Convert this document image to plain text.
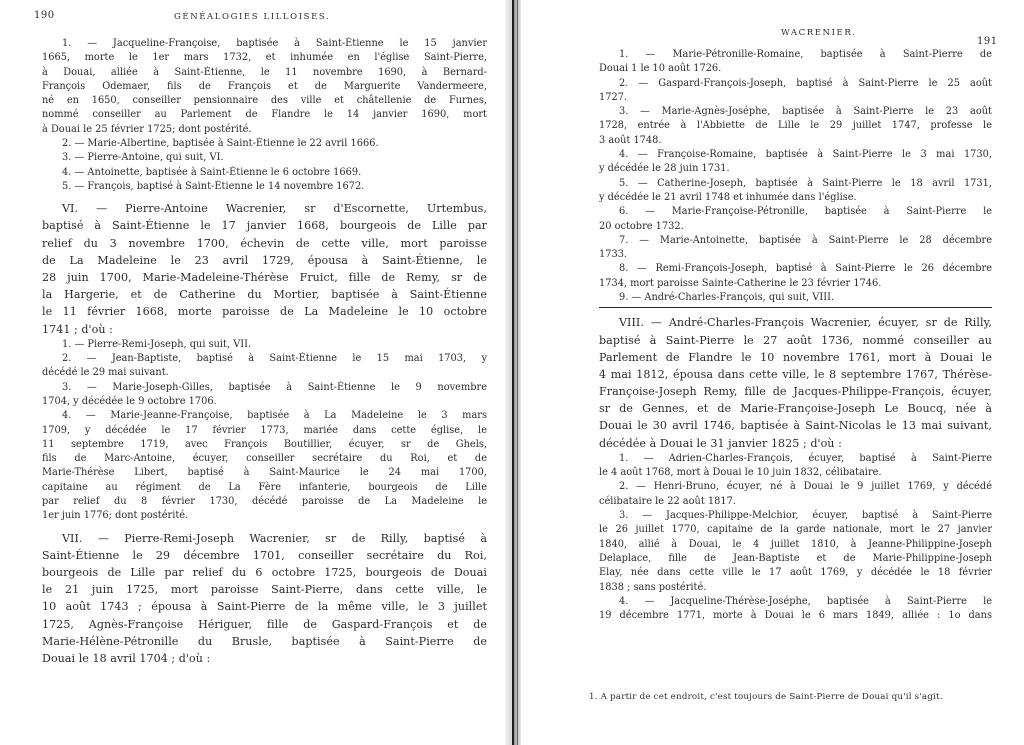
190	GÉNÉALOGIES LILLOISES.
1. — Jacqueline-Françoise, baptisée à Saint-Étienne le 15 janvier
1665, morte le 1er mars 1732, et inhumée en l'église Saint-Pierre,
à Douai, alliée à Saint-Étienne, le 11 novembre 1690, à Bernard-
François Odemaer, fils de François et de Marguerite Vandermeere,
né en 1650, conseiller pensionnaire des ville et châtellenie de Furnes,
nommé conseiller au Parlement de Flandre le 14 janvier 1690, mort
à Douai le 25 février 1725; dont postérité.
2. — Marie-Albertine, baptisée à Saint-Étienne le 22 avril 1666.
3. — Pierre-Antoine, qui suit, VI.
4. — Antoinette, baptisée à Saint-Étienne le 6 octobre 1669.
5. — François, baptisé à Saint-Étienne le 14 novembre 1672.
VI. — Pierre-Antoine Wacrenier, sr d'Escornette, Urtembus,
baptisé à Saint-Étienne le 17 janvier 1668, bourgeois de Lille par
relief du 3 novembre 1700, échevin de cette ville, mort paroisse
de La Madeleine le 23 avril 1729, épousa à Saint-Étienne, le
28 juin 1700, Marie-Madeleine-Thérèse Fruict, fille de Remy, sr de
la Hargerie, et de Catherine du Mortier, baptisée à Saint-Étienne
le 11 février 1668, morte paroisse de La Madeleine le 10 octobre
1741 ; d'où :
1. — Pierre-Remi-Joseph, qui suit, VII.
2. — Jean-Baptiste, baptisé à Saint-Étienne le 15 mai 1703, y
décédé le 29 mai suivant.
3. — Marie-Joseph-Gilles, baptisée à Saint-Étienne le 9 novembre
1704, y décédée le 9 octobre 1706.
4. — Marie-Jeanne-Françoise, baptisée à La Madeleine le 3 mars
1709, y décédée le 17 février 1773, mariée dans cette église, le
11 septembre 1719, avec François Boutillier, écuyer, sr de Ghels,
fils de Marc-Antoine, écuyer, conseiller secrétaire du Roi, et de
Marie-Thérèse Libert, baptisé à Saint-Maurice le 24 mai 1700,
capitaine au régiment de La Fère infanterie, bourgeois de Lille
par relief du 8 février 1730, décédé paroisse de La Madeleine le
1er juin 1776; dont postérité.
VII. — Pierre-Remi-Joseph Wacrenier, sr de Rilly, baptisé à
Saint-Étienne le 29 décembre 1701, conseiller secrétaire du Roi,
bourgeois de Lille par relief du 6 octobre 1725, bourgeois de Douai
le 21 juin 1725, mort paroisse Saint-Pierre, dans cette ville, le
10 août 1743 ; épousa à Saint-Pierre de la même ville, le 3 juillet
1725, Agnès-Françoise Hériguer, fille de Gaspard-François et de
Marie-Hélène-Pétronille du Brusle, baptisée à Saint-Pierre de
Douai le 18 avril 1704 ; d'où :
WACRENIER.
191
1. — Marie-Pétronille-Romaine, baptisée à Saint-Pierre de
Douai 1 le 10 août 1726.
2. — Gaspard-François-Joseph, baptisé à Saint-Pierre le 25 août
1727.
3. — Marie-Agnès-Joséphe, baptisée à Saint-Pierre le 23 août
1728, entrée à l'Abbiette de Lille le 29 juillet 1747, professe le
3 août 1748.
4. — Françoise-Romaine, baptisée à Saint-Pierre le 3 mai 1730,
y décédée le 28 juin 1731.
5. — Catherine-Joseph, baptisée à Saint-Pierre le 18 avril 1731,
y décédée le 21 avril 1748 et inhumée dans l'église.
6. — Marie-Françoise-Pétronille, baptisée à Saint-Pierre le
20 octobre 1732.
7. — Marie-Antoinette, baptisée à Saint-Pierre le 28 décembre
1733.
8. — Remi-François-Joseph, baptisé à Saint-Pierre le 26 décembre
1734, mort paroisse Sainte-Catherine le 23 février 1746.
9. — André-Charles-François, qui suit, VIII.
VIII. — André-Charles-François Wacrenier, écuyer, sr de Rilly,
baptisé à Saint-Pierre le 27 août 1736, nommé conseiller au
Parlement de Flandre le 10 novembre 1761, mort à Douai le
4 mai 1812, épousa dans cette ville, le 8 septembre 1767, Thérèse-
Françoise-Joseph Remy, fille de Jacques-Philippe-François, écuyer,
sr de Gennes, et de Marie-Françoise-Joseph Le Boucq, née à
Douai le 30 avril 1746, baptisée à Saint-Nicolas le 13 mai suivant,
décédée à Douai le 31 janvier 1825 ; d'où :
1. — Adrien-Charles-François, écuyer, baptisé à Saint-Pierre
le 4 août 1768, mort à Douai le 10 juin 1832, célibataire.
2. — Henri-Bruno, écuyer, né à Douai le 9 juillet 1769, y décédé
célibataire le 22 août 1817.
3. — Jacques-Philippe-Melchior, écuyer, baptisé à Saint-Pierre
le 26 juillet 1770, capitaine de la garde nationale, mort le 27 janvier
1840, allié à Douai, le 4 juillet 1810, à Jeanne-Philippine-Joseph
Delaplace, fille de Jean-Baptiste et de Marie-Philippine-Joseph
Elay, née dans cette ville le 17 août 1769, y décédée le 18 février
1838 ; sans postérité.
4. — Jacqueline-Thérèse-Joséphe, baptisée à Saint-Pierre le
19 décembre 1771, morte à Douai le 6 mars 1849, alliée : 1o dans
1. A partir de cet endroit, c'est toujours de Saint-Pierre de Douai qu'il s'agit.
